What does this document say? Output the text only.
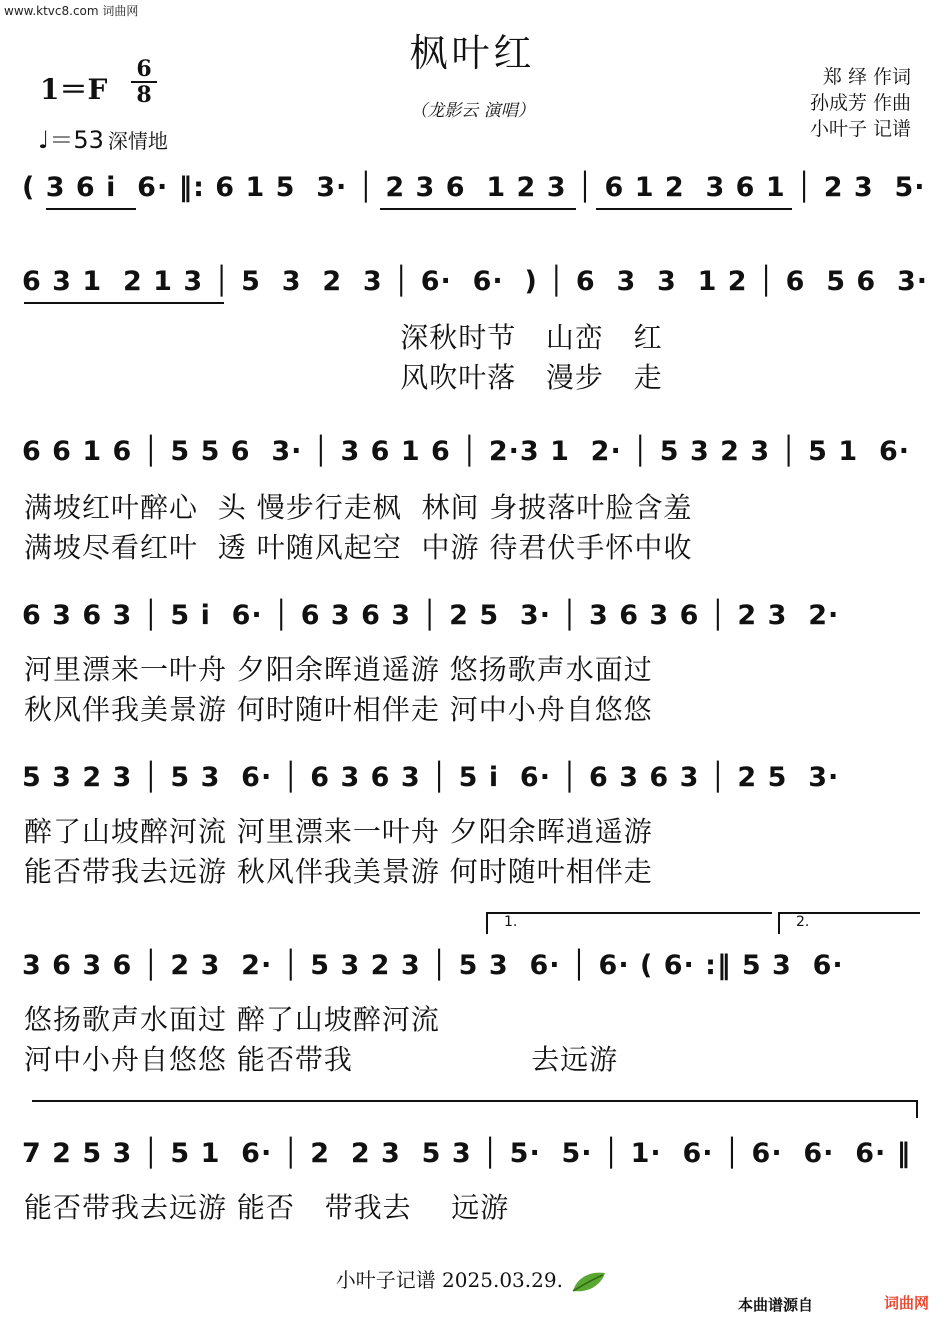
www.ktvc8.com 词曲网
枫叶红
（龙影云 演唱）
1＝F
6
8
♩＝53 深情地
郑 绎 作词
孙成芳 作曲
小叶子 记谱
( 3 6 i  6· ‖: 6 1 5  3· │ 2 3 6  1 2 3 │ 6 1 2  3 6 1 │ 2 3  5·
6 3 1  2 1 3 │ 5  3  2  3 │ 6·  6·  ) │ 6  3  3  1 2 │ 6  5 6  3·
深秋时节   山峦   红
风吹叶落   漫步   走
6 6 1 6 │ 5 5 6  3· │ 3 6 1 6 │ 2·3 1  2· │ 5 3 2 3 │ 5 1  6·
满坡红叶醉心  头 慢步行走枫  林间 身披落叶脸含羞
满坡尽看红叶  透 叶随风起空  中游 待君伏手怀中收
6 3 6 3 │ 5 i  6· │ 6 3 6 3 │ 2 5  3· │ 3 6 3 6 │ 2 3  2·
河里漂来一叶舟 夕阳余晖逍遥游 悠扬歌声水面过
秋风伴我美景游 何时随叶相伴走 河中小舟自悠悠
5 3 2 3 │ 5 3  6· │ 6 3 6 3 │ 5 i  6· │ 6 3 6 3 │ 2 5  3·
醉了山坡醉河流 河里漂来一叶舟 夕阳余晖逍遥游
能否带我去远游 秋风伴我美景游 何时随叶相伴走
1.	2.
3 6 3 6 │ 2 3  2· │ 5 3 2 3 │ 5 3  6· │ 6· ( 6· :‖ 5 3  6·
悠扬歌声水面过 醉了山坡醉河流
河中小舟自悠悠 能否带我                  去远游
7 2 5 3 │ 5 1  6· │ 2  2 3  5 3 │ 5·  5· │ 1·  6· │ 6·  6·  6· ‖
能否带我去远游 能否   带我去    远游
小叶子记谱 2025.03.29.
本曲谱源自	词曲网
